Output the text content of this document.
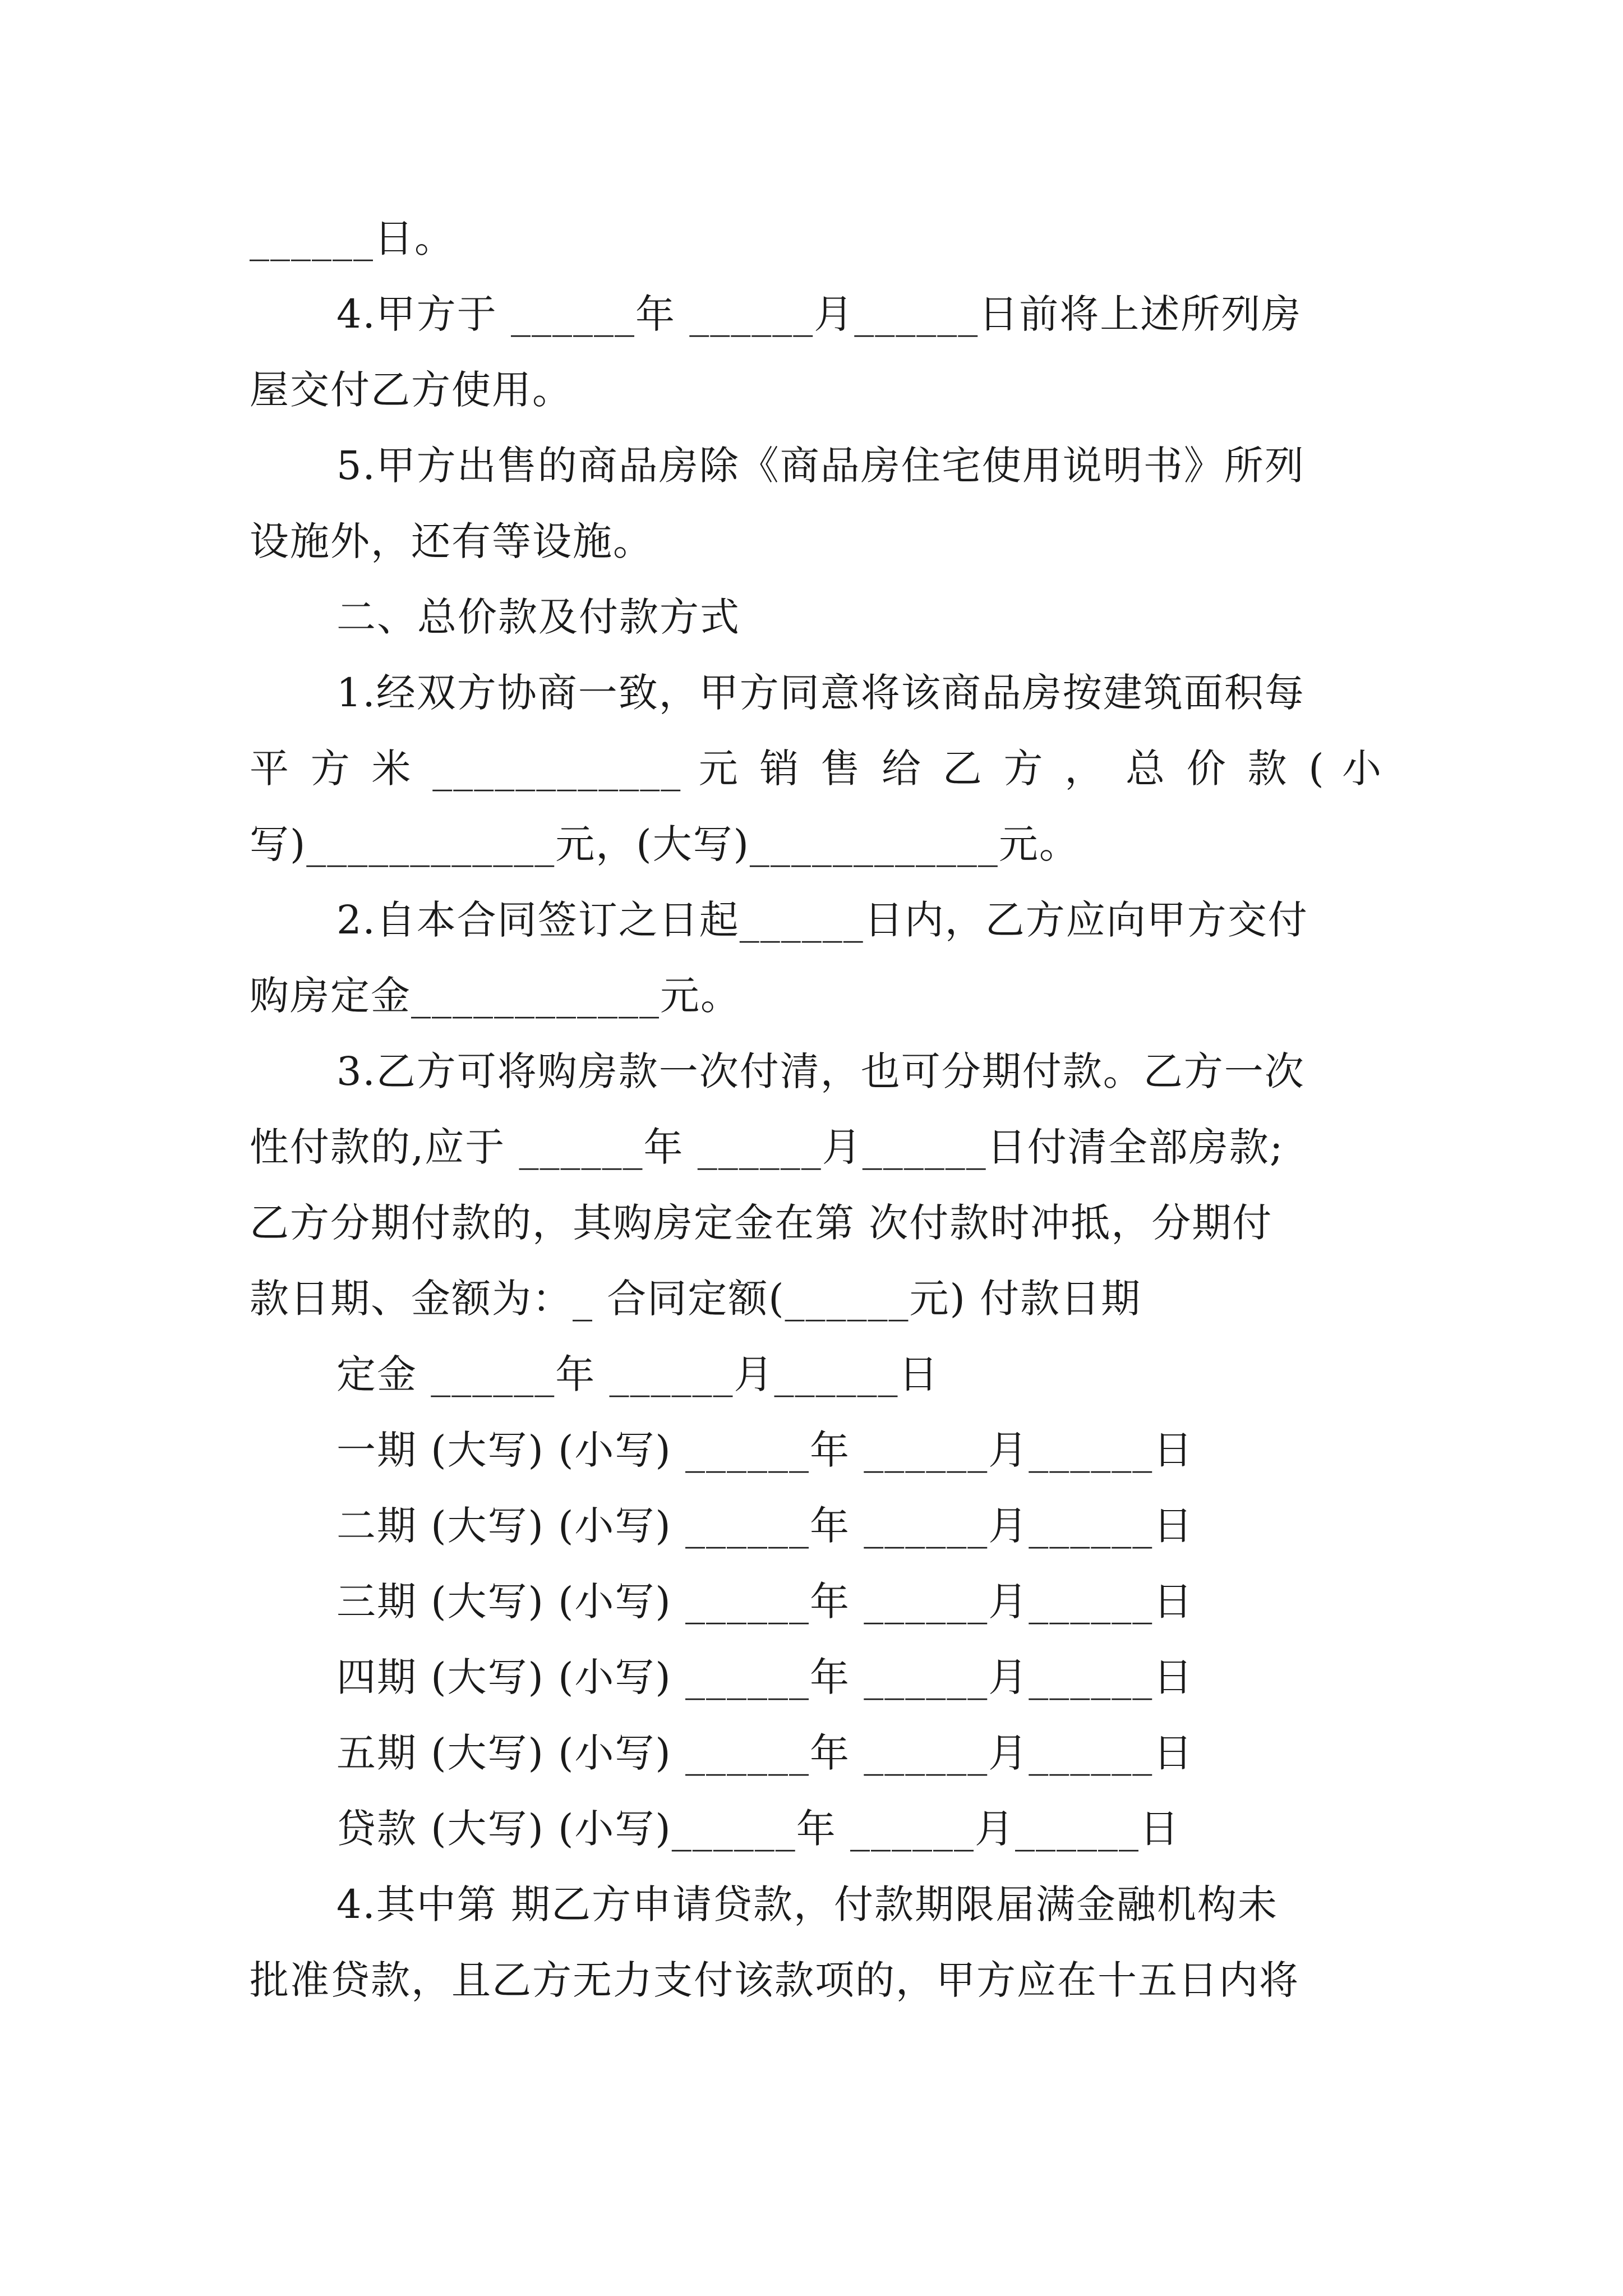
______日。
4.甲方于 ______年 ______月______日前将上述所列房
屋交付乙方使用。
5.甲方出售的商品房除《商品房住宅使用说明书》所列
设施外，还有等设施。
二、总价款及付款方式
1.经双方协商一致，甲方同意将该商品房按建筑面积每
平 方 米 ____________ 元 销 售 给 乙 方 ， 总 价 款 ( 小
写)____________元，(大写)____________元。
2.自本合同签订之日起______日内，乙方应向甲方交付
购房定金____________元。
3.乙方可将购房款一次付清，也可分期付款。乙方一次
性付款的,应于 ______年 ______月______日付清全部房款;
乙方分期付款的，其购房定金在第 次付款时冲抵，分期付
款日期、金额为：_ 合同定额(______元) 付款日期
定金 ______年 ______月______日
一期 (大写) (小写) ______年 ______月______日
二期 (大写) (小写) ______年 ______月______日
三期 (大写) (小写) ______年 ______月______日
四期 (大写) (小写) ______年 ______月______日
五期 (大写) (小写) ______年 ______月______日
贷款 (大写) (小写)______年 ______月______日
4.其中第 期乙方申请贷款，付款期限届满金融机构未
批准贷款，且乙方无力支付该款项的，甲方应在十五日内将
